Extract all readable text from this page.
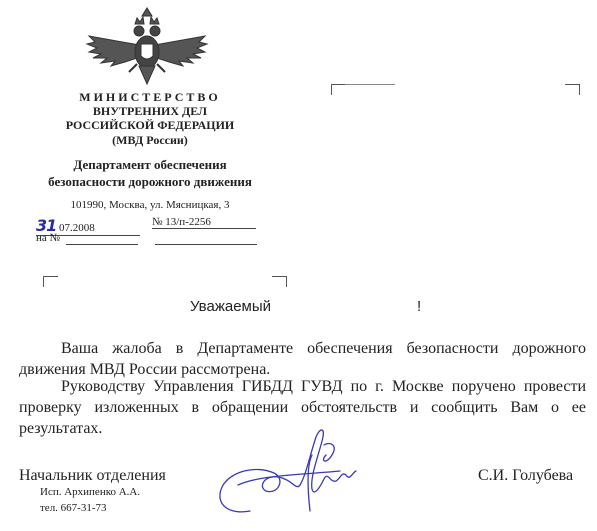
МИНИСТЕРСТВО
ВНУТРЕННИХ ДЕЛ
РОССИЙСКОЙ ФЕДЕРАЦИИ
(МВД России)
Департамент обеспечения
безопасности дорожного движения
101990, Москва, ул. Мясницкая, 3
31 07.2008	№ 13/п-2256
на №
Уважаемый	!
Ваша жалоба в Департаменте обеспечения безопасности дорожного движения МВД России рассмотрена.
Руководству Управления ГИБДД ГУВД по г. Москве поручено провести проверку изложенных в обращении обстоятельств и сообщить Вам о ее результатах.
Начальник отделения
Исп. Архипенко А.А.
тел. 667-31-73
С.И. Голубева
